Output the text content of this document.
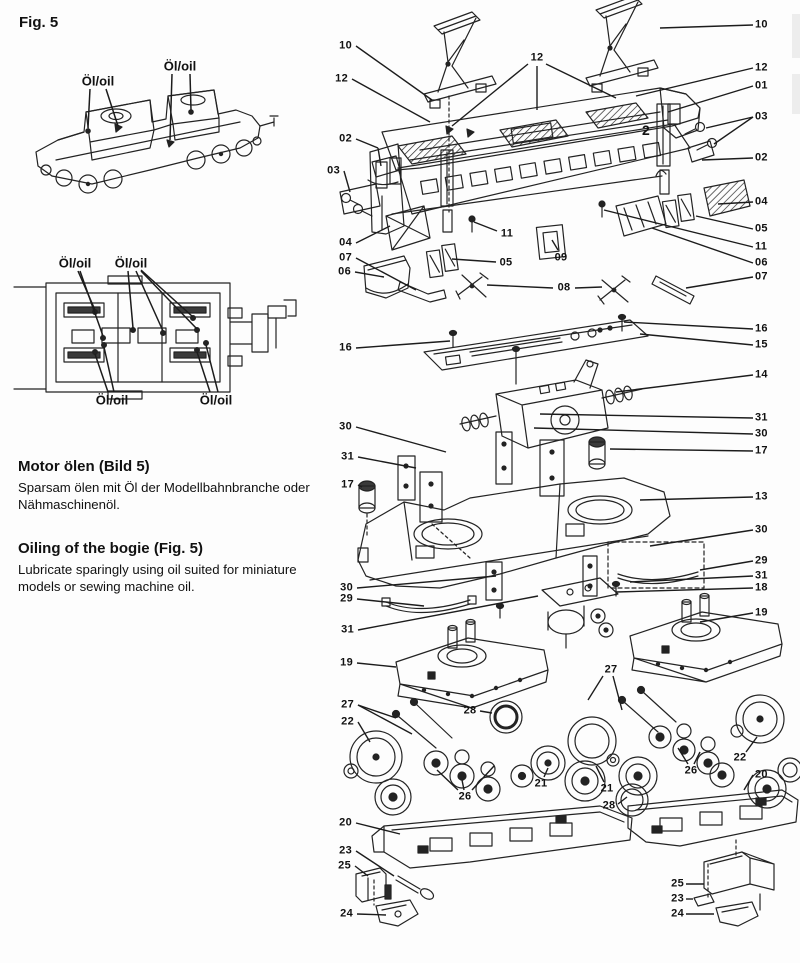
Fig. 5
10
12
02
03
04
07
06
16
30
31
17
30
29
31
19
27
22
20
23
25
24
12
11
05	09
08
2
27
28
26
21	21
28
26
22
25
23
24
10
12
01
03
02
04
05
11
06
07
16
15
14
31
30
17
13
30
29
31
18
19
20
Öl/oil
Öl/oil
Öl/oil Öl/oil
Öl/oil	Öl/oil
Motor ölen (Bild 5)

Sparsam ölen mit Öl der Modellbahnbranche oder Nähmaschinenöl.

Oiling of the bogie (Fig. 5)

Lubricate sparingly using oil suited for miniature models or sewing machine oil.
